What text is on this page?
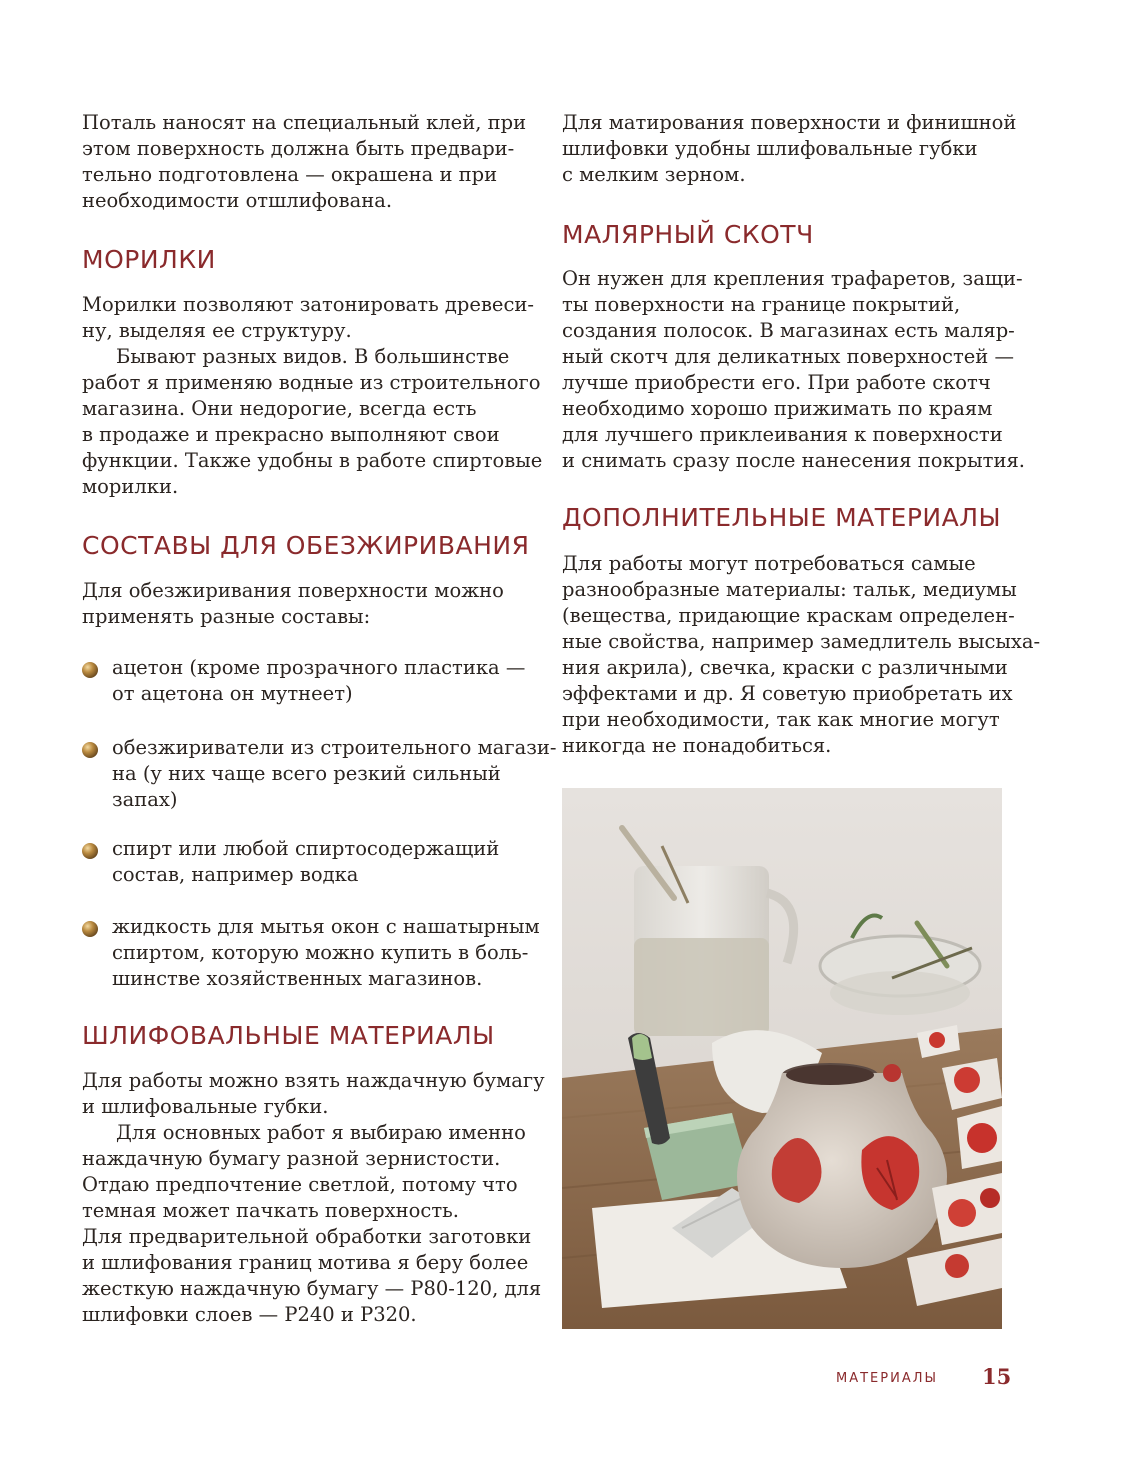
Поталь наносят на специальный клей, при
этом поверхность должна быть предвари-
тельно подготовлена — окрашена и при
необходимости отшлифована.

МОРИЛКИ

Морилки позволяют затонировать древеси-
ну, выделяя ее структуру.

Бывают разных видов. В большинстве
работ я применяю водные из строительного
магазина. Они недорогие, всегда есть
в продаже и прекрасно выполняют свои
функции. Также удобны в работе спиртовые
морилки.

СОСТАВЫ ДЛЯ ОБЕЗЖИРИВАНИЯ

Для обезжиривания поверхности можно
применять разные составы:

ацетон (кроме прозрачного пластика —
от ацетона он мутнеет)

обезжириватели из строительного магази-
на (у них чаще всего резкий сильный
запах)

спирт или любой спиртосодержащий
состав, например водка

жидкость для мытья окон с нашатырным
спиртом, которую можно купить в боль-
шинстве хозяйственных магазинов.

ШЛИФОВАЛЬНЫЕ МАТЕРИАЛЫ

Для работы можно взять наждачную бумагу
и шлифовальные губки.

Для основных работ я выбираю именно
наждачную бумагу разной зернистости.
Отдаю предпочтение светлой, потому что
темная может пачкать поверхность.
Для предварительной обработки заготовки
и шлифования границ мотива я беру более
жесткую наждачную бумагу — Р80-120, для
шлифовки слоев — Р240 и Р320.

Для матирования поверхности и финишной
шлифовки удобны шлифовальные губки
с мелким зерном.

МАЛЯРНЫЙ СКОТЧ

Он нужен для крепления трафаретов, защи-
ты поверхности на границе покрытий,
создания полосок. В магазинах есть маляр-
ный скотч для деликатных поверхностей —
лучше приобрести его. При работе скотч
необходимо хорошо прижимать по краям
для лучшего приклеивания к поверхности
и снимать сразу после нанесения покрытия.

ДОПОЛНИТЕЛЬНЫЕ МАТЕРИАЛЫ

Для работы могут потребоваться самые
разнообразные материалы: тальк, медиумы
(вещества, придающие краскам определен-
ные свойства, например замедлитель высыха-
ния акрила), свечка, краски с различными
эффектами и др. Я советую приобретать их
при необходимости, так как многие могут
никогда не понадобиться.

МАТЕРИАЛЫ 15
